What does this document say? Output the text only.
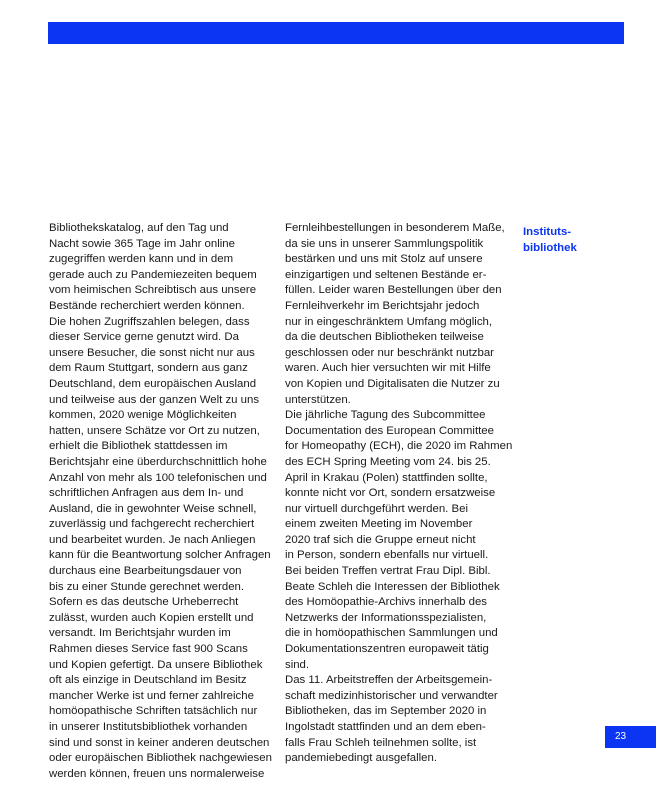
Bibliothekskatalog, auf den Tag und
Nacht sowie 365 Tage im Jahr online
zugegriffen werden kann und in dem
gerade auch zu Pandemiezeiten bequem
vom heimischen Schreibtisch aus unsere
Bestände recherchiert werden können.
Die hohen Zugriffszahlen belegen, dass
dieser Service gerne genutzt wird. Da
unsere Besucher, die sonst nicht nur aus
dem Raum Stuttgart, sondern aus ganz
Deutschland, dem europäischen Ausland
und teilweise aus der ganzen Welt zu uns
kommen, 2020 wenige Möglichkeiten
hatten, unsere Schätze vor Ort zu nutzen,
erhielt die Bibliothek stattdessen im
Berichtsjahr eine überdurchschnittlich hohe
Anzahl von mehr als 100 telefonischen und
schriftlichen Anfragen aus dem In- und
Ausland, die in gewohnter Weise schnell,
zuverlässig und fachgerecht recherchiert
und bearbeitet wurden. Je nach Anliegen
kann für die Beantwortung solcher Anfragen
durchaus eine Bearbeitungsdauer von
bis zu einer Stunde gerechnet werden.
Sofern es das deutsche Urheberrecht
zulässt, wurden auch Kopien erstellt und
versandt. Im Berichtsjahr wurden im
Rahmen dieses Service fast 900 Scans
und Kopien gefertigt. Da unsere Bibliothek
oft als einzige in Deutschland im Besitz
mancher Werke ist und ferner zahlreiche
homöopathische Schriften tatsächlich nur
in unserer Institutsbibliothek vorhanden
sind und sonst in keiner anderen deutschen
oder europäischen Bibliothek nachgewiesen
werden können, freuen uns normalerweise
Fernleihbestellungen in besonderem Maße,
da sie uns in unserer Sammlungspolitik
bestärken und uns mit Stolz auf unsere
einzigartigen und seltenen Bestände er-
füllen. Leider waren Bestellungen über den
Fernleihverkehr im Berichtsjahr jedoch
nur in eingeschränktem Umfang möglich,
da die deutschen Bibliotheken teilweise
geschlossen oder nur beschränkt nutzbar
waren. Auch hier versuchten wir mit Hilfe
von Kopien und Digitalisaten die Nutzer zu
unterstützen.
Die jährliche Tagung des Subcommittee
Documentation des European Committee
for Homeopathy (ECH), die 2020 im Rahmen
des ECH Spring Meeting vom 24. bis 25.
April in Krakau (Polen) stattfinden sollte,
konnte nicht vor Ort, sondern ersatzweise
nur virtuell durchgeführt werden. Bei
einem zweiten Meeting im November
2020 traf sich die Gruppe erneut nicht
in Person, sondern ebenfalls nur virtuell.
Bei beiden Treffen vertrat Frau Dipl. Bibl.
Beate Schleh die Interessen der Bibliothek
des Homöopathie-Archivs innerhalb des
Netzwerks der Informationsspezialisten,
die in homöopathischen Sammlungen und
Dokumentationszentren europaweit tätig
sind.
Das 11. Arbeitstreffen der Arbeitsgemein-
schaft medizinhistorischer und verwandter
Bibliotheken, das im September 2020 in
Ingolstadt stattfinden und an dem eben-
falls Frau Schleh teilnehmen sollte, ist
pandemiebedingt ausgefallen.
Instituts-
bibliothek
23
